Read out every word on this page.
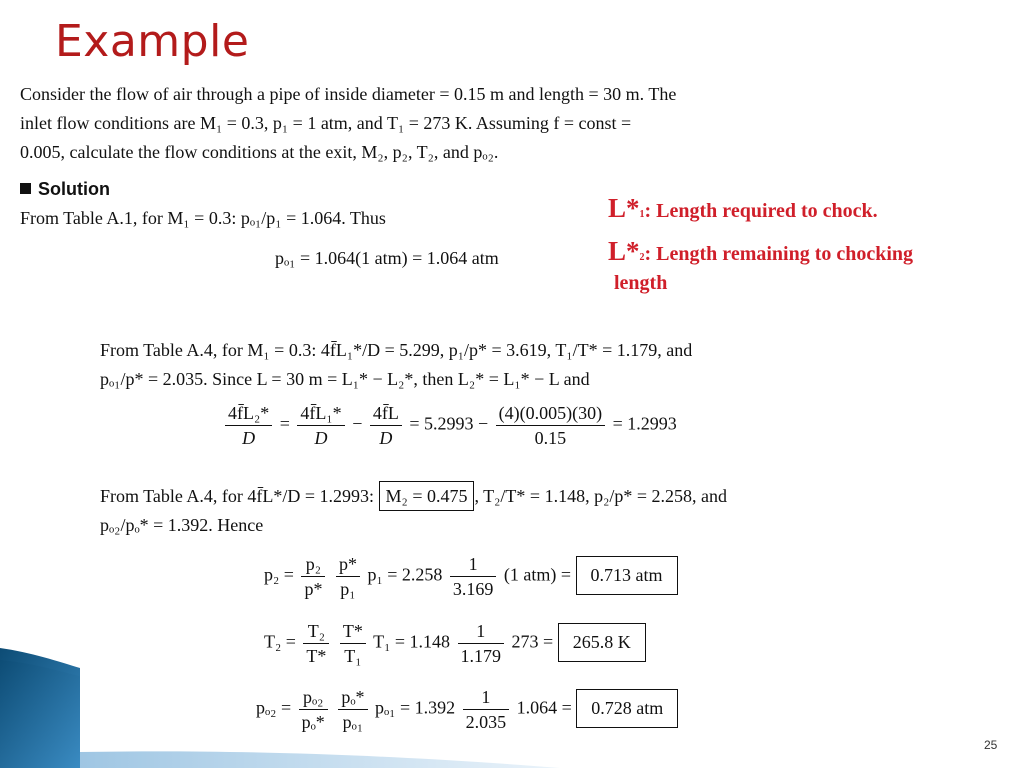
Example
Consider the flow of air through a pipe of inside diameter = 0.15 m and length = 30 m. The
inlet flow conditions are M₁ = 0.3, p₁ = 1 atm, and T₁ = 273 K. Assuming f = const =
0.005, calculate the flow conditions at the exit, M₂, p₂, T₂, and pₒ₂.
Solution
From Table A.1, for M₁ = 0.3: pₒ₁/p₁ = 1.064. Thus
pₒ₁ = 1.064(1 atm) = 1.064 atm
L*1: Length required to chock.
L*2: Length remaining to chocking
length
From Table A.4, for M₁ = 0.3: 4f̄L₁*/D = 5.299, p₁/p* = 3.619, T₁/T* = 1.179, and
pₒ₁/p* = 2.035. Since L = 30 m = L₁* − L₂*, then L₂* = L₁* − L and
$\frac{\text{4f̄L₂*}}{D} = \frac{\text{4f̄L₁*}}{D} - \frac{4f̄L}{D} = 5.2993 - \frac{(4)(0.005)(30)}{0.15} = 1.2993$
From Table A.4, for 4f̄L*/D = 1.2993: M₂ = 0.475 , T₂/T* = 1.148, p₂/p* = 2.258, and
pₒ₂/pₒ* = 1.392. Hence
$p_2 = \frac{\text{p₂}}{p*}$
$\frac{p*}{\text{p₁}} p_1 = 2.258 \frac{1}{3.169} (1$ atm) = 0.713 atm
$T_2 = \frac{\text{T₂}}{T*}$
$\frac{T*}{\text{T₁}} T_1 = 1.148 \frac{1}{1.179} 273 = 265.8$ K
$p_{o2} = \frac{\text{pₒ₂}}{\text{pₒ*}}$
$\frac{\text{pₒ*}}{\text{pₒ₁}} p_{o1} = 1.392 \frac{1}{2.035} 1.064 = 0.728$ atm
25
